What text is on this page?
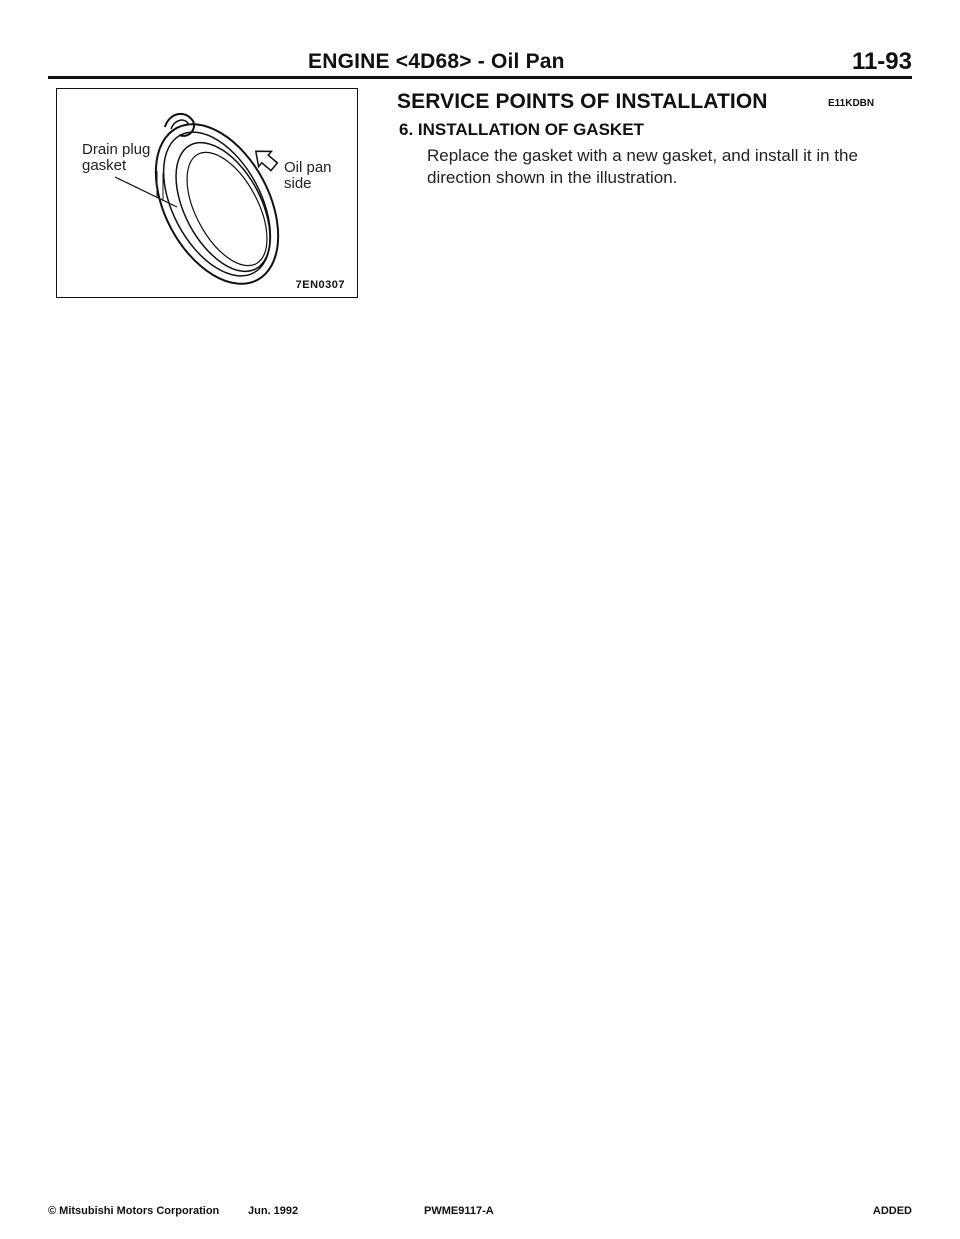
ENGINE <4D68> - Oil Pan	11-93
Drain plug
gasket	Oil pan
side
7EN0307
SERVICE POINTS OF INSTALLATION	E11KDBN
6. INSTALLATION OF GASKET
Replace the gasket with a new gasket, and install it in the direction shown in the illustration.
© Mitsubishi Motors Corporation	Jun. 1992	PWME9117-A	ADDED
